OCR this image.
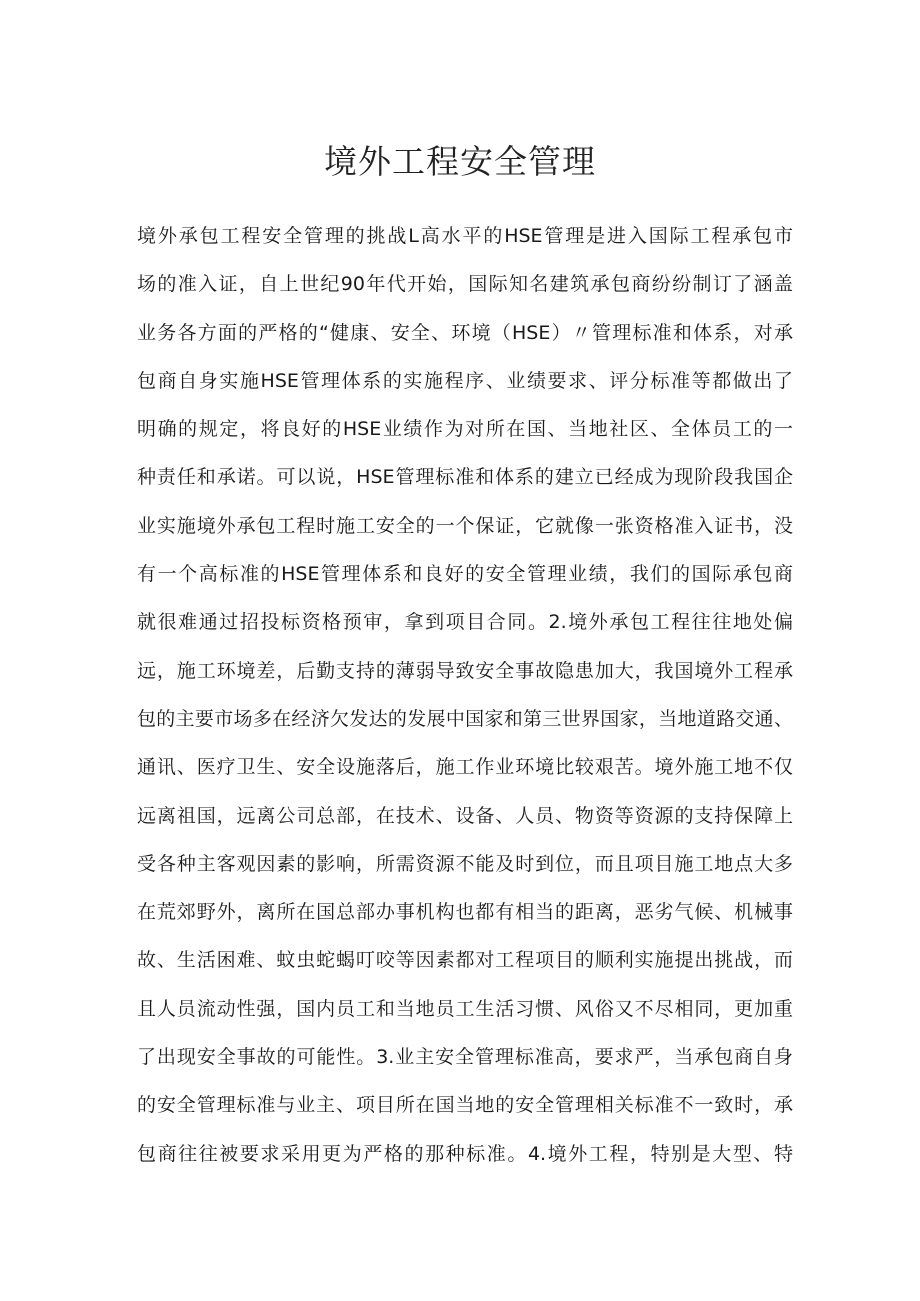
境外工程安全管理
境外承包工程安全管理的挑战L高水平的HSE管理是进入国际工程承包市
场的准入证，自上世纪90年代开始，国际知名建筑承包商纷纷制订了涵盖
业务各方面的严格的“健康、安全、环境（HSE）〃管理标准和体系，对承
包商自身实施HSE管理体系的实施程序、业绩要求、评分标准等都做出了
明确的规定，将良好的HSE业绩作为对所在国、当地社区、全体员工的一
种责任和承诺。可以说，HSE管理标准和体系的建立已经成为现阶段我国企
业实施境外承包工程时施工安全的一个保证，它就像一张资格准入证书，没
有一个高标准的HSE管理体系和良好的安全管理业绩，我们的国际承包商
就很难通过招投标资格预审，拿到项目合同。2.境外承包工程往往地处偏
远，施工环境差，后勤支持的薄弱导致安全事故隐患加大，我国境外工程承
包的主要市场多在经济欠发达的发展中国家和第三世界国家，当地道路交通、
通讯、医疗卫生、安全设施落后，施工作业环境比较艰苦。境外施工地不仅
远离祖国，远离公司总部，在技术、设备、人员、物资等资源的支持保障上
受各种主客观因素的影响，所需资源不能及时到位，而且项目施工地点大多
在荒郊野外，离所在国总部办事机构也都有相当的距离，恶劣气候、机械事
故、生活困难、蚊虫蛇蝎叮咬等因素都对工程项目的顺利实施提出挑战，而
且人员流动性强，国内员工和当地员工生活习惯、风俗又不尽相同，更加重
了出现安全事故的可能性。3.业主安全管理标准高，要求严，当承包商自身
的安全管理标准与业主、项目所在国当地的安全管理相关标准不一致时，承
包商往往被要求采用更为严格的那种标准。4.境外工程，特别是大型、特
